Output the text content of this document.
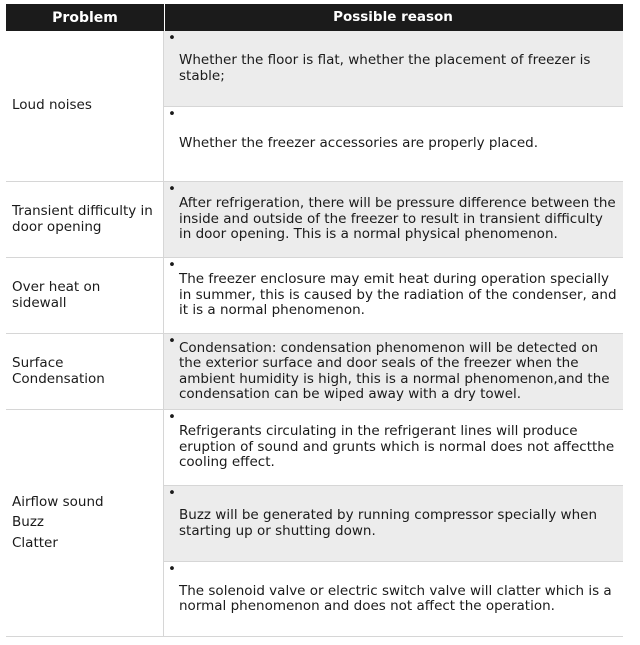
Problem	Possible reason
Loud noises
•
Whether the floor is flat, whether the placement of freezer is stable;
•
Whether the freezer accessories are properly placed.
Transient difficulty in door opening
•
After refrigeration, there will be pressure difference between the inside and outside of the freezer to result in transient difficulty in door opening. This is a normal physical phenomenon.
Over heat on sidewall
•
The freezer enclosure may emit heat during operation specially in summer, this is caused by the radiation of the condenser, and it is a normal phenomenon.
Surface Condensation
• Condensation: condensation phenomenon will be detected on the exterior surface and door seals of the freezer when the ambient humidity is high, this is a normal phenomenon,and the condensation can be wiped away with a dry towel.
Airflow sound
Buzz
Clatter
•
Refrigerants circulating in the refrigerant lines will produce eruption of sound and grunts which is normal does not affectthe cooling effect.
•
Buzz will be generated by running compressor specially when starting up or shutting down.
•
The solenoid valve or electric switch valve will clatter which is a normal phenomenon and does not affect the operation.
